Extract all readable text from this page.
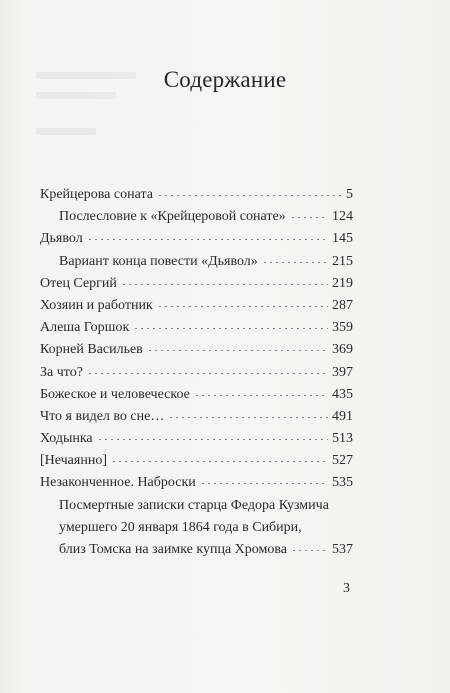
Содержание
Крейцерова соната	5
Послесловие к «Крейцеровой сонате»	124
Дьявол	145
Вариант конца повести «Дьявол»	215
Отец Сергий	219
Хозяин и работник	287
Алеша Горшок	359
Корней Васильев	369
За что?	397
Божеское и человеческое	435
Что я видел во сне…	491
Ходынка	513
[Нечаянно]	527
Незаконченное. Наброски	535
Посмертные записки старца Федора Кузмича
умершего 20 января 1864 года в Сибири,
близ Томска на заимке купца Хромова	537
3
